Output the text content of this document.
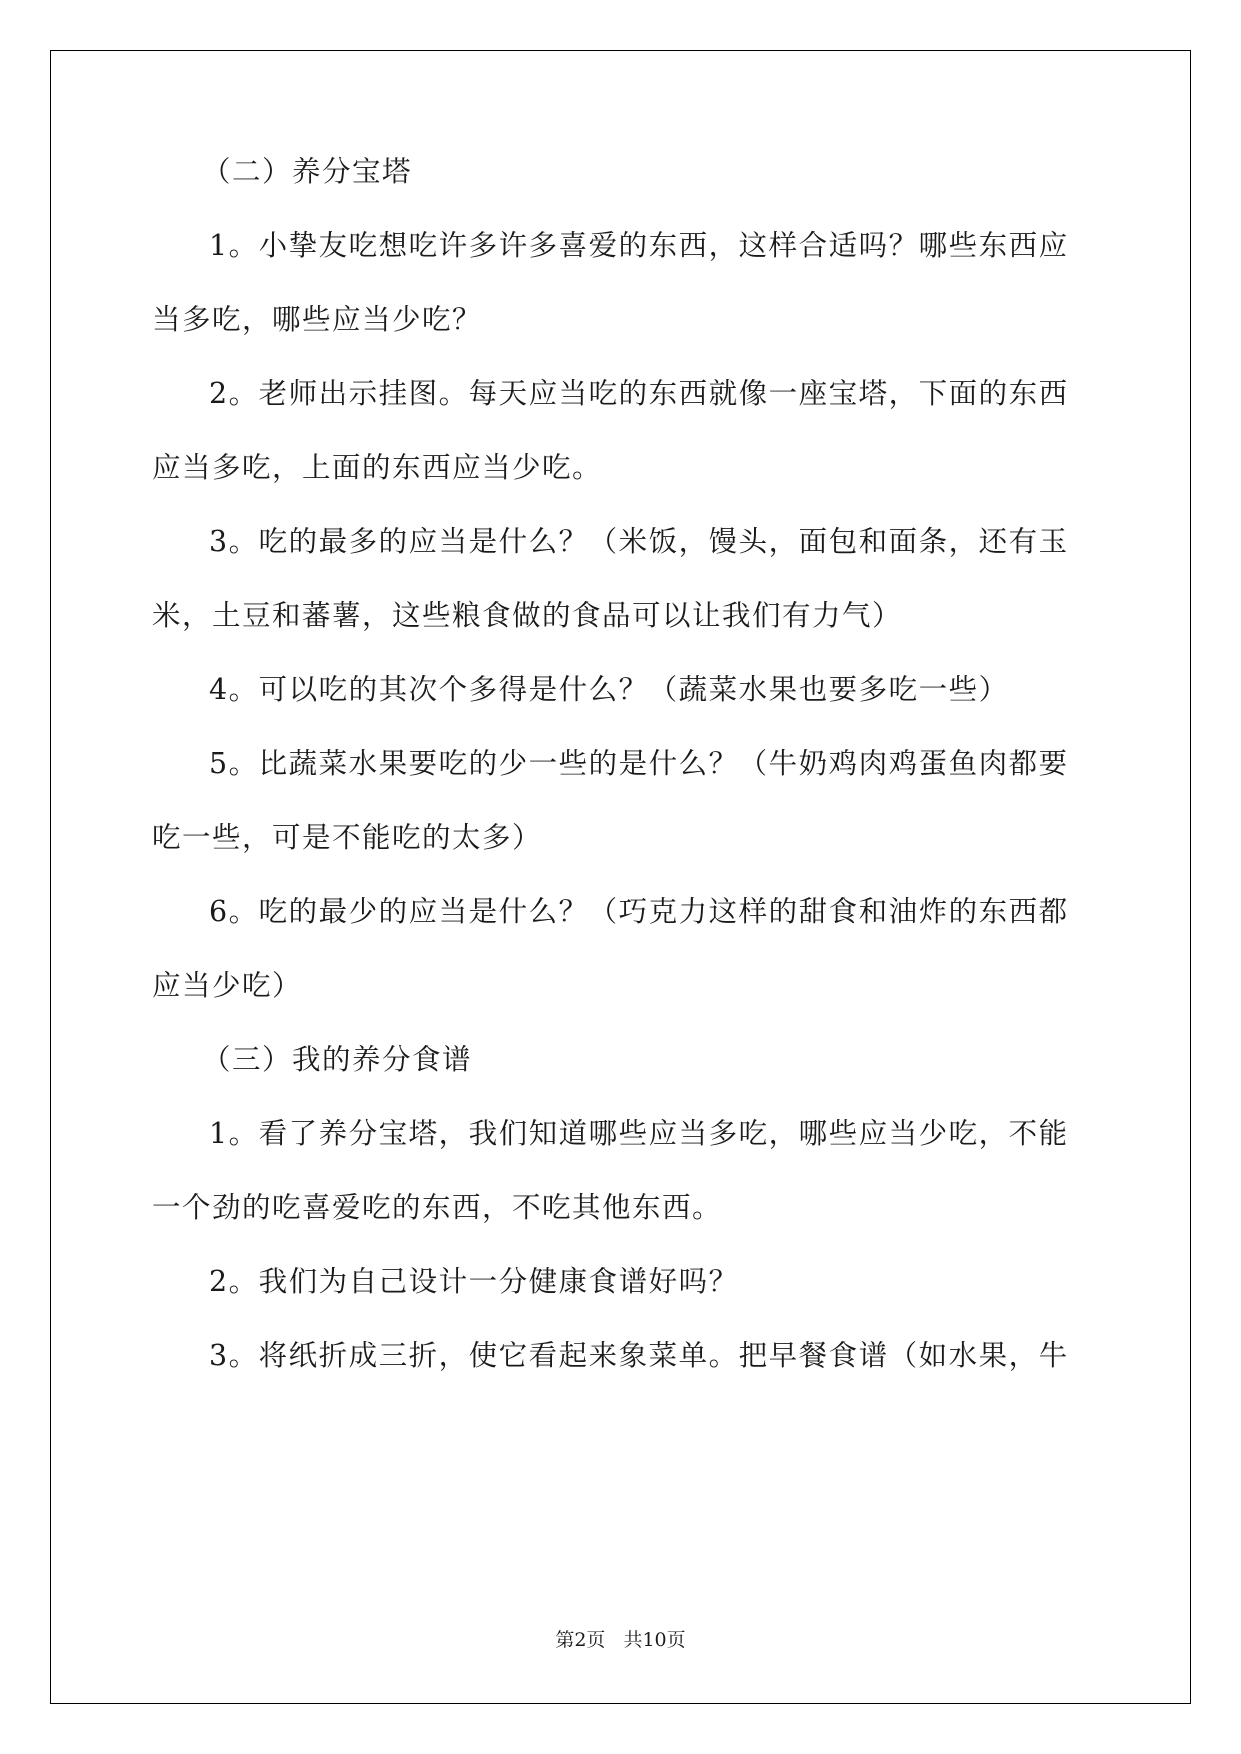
（二）养分宝塔
1。小挚友吃想吃许多许多喜爱的东西，这样合适吗？哪些东西应
当多吃，哪些应当少吃？
2。老师出示挂图。每天应当吃的东西就像一座宝塔，下面的东西
应当多吃，上面的东西应当少吃。
3。吃的最多的应当是什么？（米饭，馒头，面包和面条，还有玉
米，土豆和蕃薯，这些粮食做的食品可以让我们有力气）
4。可以吃的其次个多得是什么？（蔬菜水果也要多吃一些）
5。比蔬菜水果要吃的少一些的是什么？（牛奶鸡肉鸡蛋鱼肉都要
吃一些，可是不能吃的太多）
6。吃的最少的应当是什么？（巧克力这样的甜食和油炸的东西都
应当少吃）
（三）我的养分食谱
1。看了养分宝塔，我们知道哪些应当多吃，哪些应当少吃，不能
一个劲的吃喜爱吃的东西，不吃其他东西。
2。我们为自己设计一分健康食谱好吗？
3。将纸折成三折，使它看起来象菜单。把早餐食谱（如水果，牛
第2页 共10页
